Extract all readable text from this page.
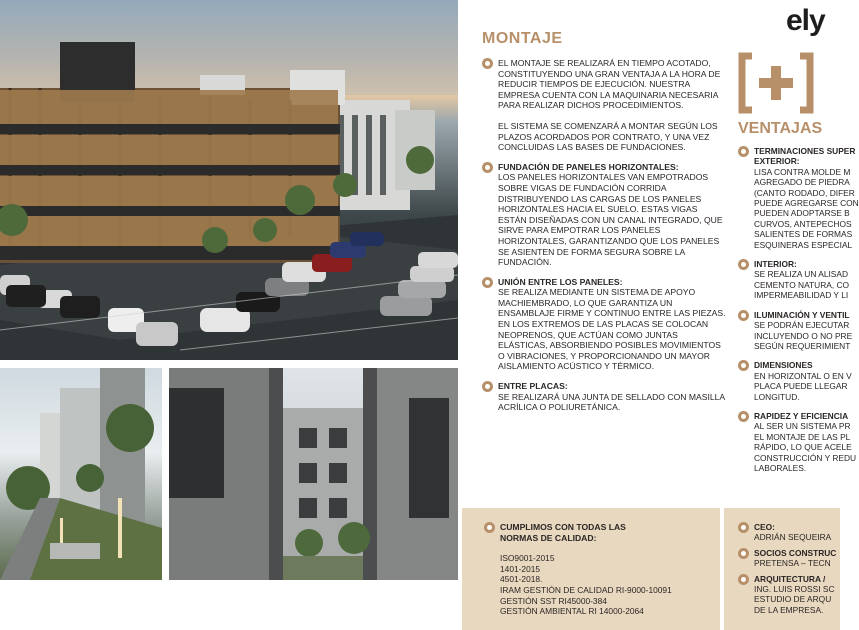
ely
MONTAJE

EL MONTAJE SE REALIZARÁ EN TIEMPO ACOTADO, CONSTITUYENDO UNA GRAN VENTAJA A LA HORA DE REDUCIR TIEMPOS DE EJECUCIÓN. NUESTRA EMPRESA CUENTA CON LA MAQUINARIA NECESARIA PARA REALIZAR DICHOS PROCEDIMIENTOS.

EL SISTEMA SE COMENZARÁ A MONTAR SEGÚN LOS PLAZOS ACORDADOS POR CONTRATO, Y UNA VEZ CONCLUIDAS LAS BASES DE FUNDACIONES.

FUNDACIÓN DE PANELES HORIZONTALES:
LOS PANELES HORIZONTALES VAN EMPOTRADOS SOBRE VIGAS DE FUNDACIÓN CORRIDA DISTRIBUYENDO LAS CARGAS DE LOS PANELES HORIZONTALES HACIA EL SUELO. ESTAS VIGAS ESTÁN DISEÑADAS CON UN CANAL INTEGRADO, QUE SIRVE PARA EMPOTRAR LOS PANELES HORIZONTALES, GARANTIZANDO QUE LOS PANELES SE ASIENTEN DE FORMA SEGURA SOBRE LA FUNDACIÓN.
UNIÓN ENTRE LOS PANELES:
SE REALIZA MEDIANTE UN SISTEMA DE APOYO MACHIEMBRADO, LO QUE GARANTIZA UN ENSAMBLAJE FIRME Y CONTINUO ENTRE LAS PIEZAS. EN LOS EXTREMOS DE LAS PLACAS SE COLOCAN NEOPRENOS, QUE ACTÚAN COMO JUNTAS ELÁSTICAS, ABSORBIENDO POSIBLES MOVIMIENTOS O VIBRACIONES, Y PROPORCIONANDO UN MAYOR AISLAMIENTO ACÚSTICO Y TÉRMICO.
ENTRE PLACAS:
SE REALIZARÁ UNA JUNTA DE SELLADO CON MASILLA ACRÍLICA O POLIURETÁNICA.
VENTAJAS
TERMINACIONES SUPER
EXTERIOR:
LISA CONTRA MOLDE M
AGREGADO DE PIEDRA
(CANTO RODADO, DIFER
PUEDE AGREGARSE CON
PUEDEN ADOPTARSE B
CURVOS, ANTEPECHOS
SALIENTES DE FORMAS
ESQUINERAS ESPECIAL
INTERIOR:
SE REALIZA UN ALISAD
CEMENTO NATURA, CO
IMPERMEABILIDAD Y LI
ILUMINACIÓN Y VENTIL
SE PODRÁN EJECUTAR
INCLUYENDO O NO PRE
SEGÚN REQUERIMIENT
DIMENSIONES
EN HORIZONTAL O EN V
PLACA PUEDE LLEGAR
LONGITUD.
RAPIDEZ Y EFICIENCIA
AL SER UN SISTEMA PR
EL MONTAJE DE LAS PL
RÁPIDO, LO QUE ACELE
CONSTRUCCIÓN Y REDU
LABORALES.
CUMPLIMOS CON TODAS LAS
NORMAS DE CALIDAD:
ISO9001-2015
1401-2015
4501-2018.
IRAM GESTIÓN DE CALIDAD RI-9000-10091
GESTIÓN SST RI45000-384
GESTIÓN AMBIENTAL RI 14000-2064
CEO:
ADRIÁN SEQUEIRA
SOCIOS CONSTRUC
PRETENSA – TECN
ARQUITECTURA /
ING. LUIS ROSSI SC
ESTUDIO DE ARQU
DE LA EMPRESA.
